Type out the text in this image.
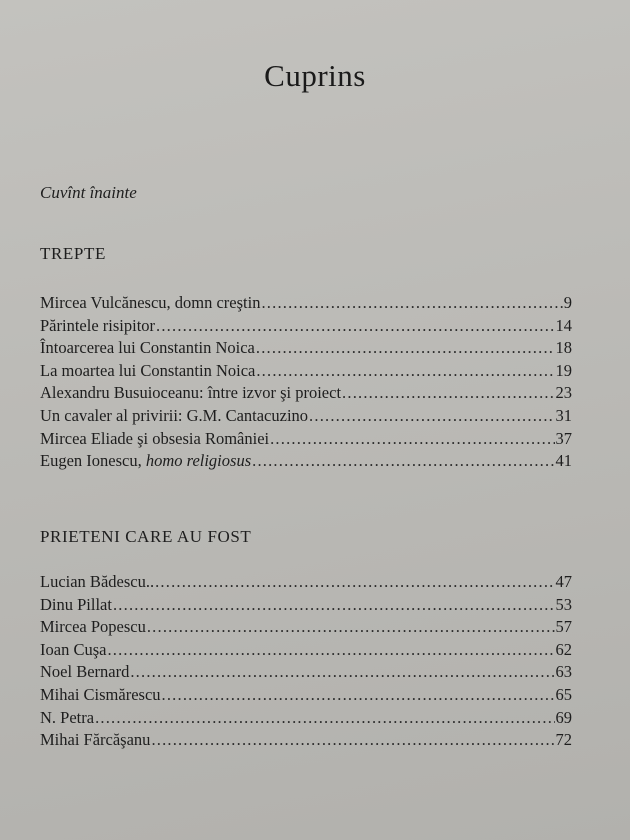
Cuprins
Cuvînt înainte
TREPTE
Mircea Vulcănescu, domn creştin .....	9
Părintele risipitor .....	14
Întoarcerea lui Constantin Noica .....	18
La moartea lui Constantin Noica .....	19
Alexandru Busuioceanu: între izvor şi proiect .....	23
Un cavaler al privirii: G.M. Cantacuzino .....	31
Mircea Eliade şi obsesia României .....	37
Eugen Ionescu, homo religiosus .....	41
PRIETENI CARE AU FOST
Lucian Bădescu.. .....	47
Dinu Pillat .....	53
Mircea Popescu .....	57
Ioan Cuşa .....	62
Noel Bernard .....	63
Mihai Cismărescu .....	65
N. Petra .....	69
Mihai Fărcăşanu .....	72
